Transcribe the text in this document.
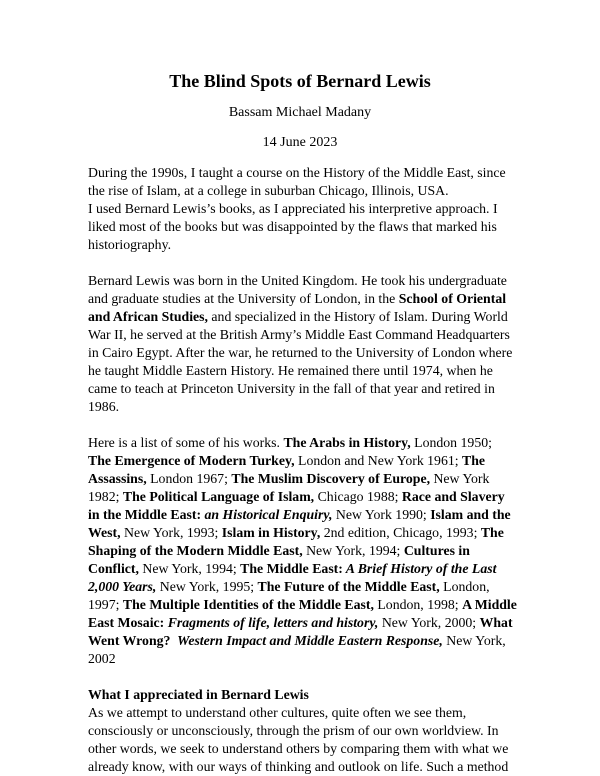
The Blind Spots of Bernard Lewis
Bassam Michael Madany
14 June 2023

During the 1990s, I taught a course on the History of the Middle East, since the rise of Islam, at a college in suburban Chicago, Illinois, USA.

I used Bernard Lewis’s books, as I appreciated his interpretive approach. I liked most of the books but was disappointed by the flaws that marked his historiography.

Bernard Lewis was born in the United Kingdom. He took his undergraduate and graduate studies at the University of London, in the School of Oriental and African Studies, and specialized in the History of Islam. During World War II, he served at the British Army’s Middle East Command Headquarters in Cairo Egypt. After the war, he returned to the University of London where he taught Middle Eastern History. He remained there until 1974, when he came to teach at Princeton University in the fall of that year and retired in 1986.

Here is a list of some of his works. The Arabs in History, London 1950; The Emergence of Modern Turkey, London and New York 1961; The Assassins, London 1967; The Muslim Discovery of Europe, New York 1982; The Political Language of Islam, Chicago 1988; Race and Slavery in the Middle East: an Historical Enquiry, New York 1990; Islam and the West, New York, 1993; Islam in History, 2nd edition, Chicago, 1993; The Shaping of the Modern Middle East, New York, 1994; Cultures in Conflict, New York, 1994; The Middle East: A Brief History of the Last 2,000 Years, New York, 1995; The Future of the Middle East, London, 1997; The Multiple Identities of the Middle East, London, 1998; A Middle East Mosaic: Fragments of life, letters and history, New York, 2000; What Went Wrong?  Western Impact and Middle Eastern Response, New York, 2002

What I appreciated in Bernard Lewis

As we attempt to understand other cultures, quite often we see them, consciously or unconsciously, through the prism of our own worldview. In other words, we seek to understand others by comparing them with what we already know, with our ways of thinking and outlook on life. Such a method
